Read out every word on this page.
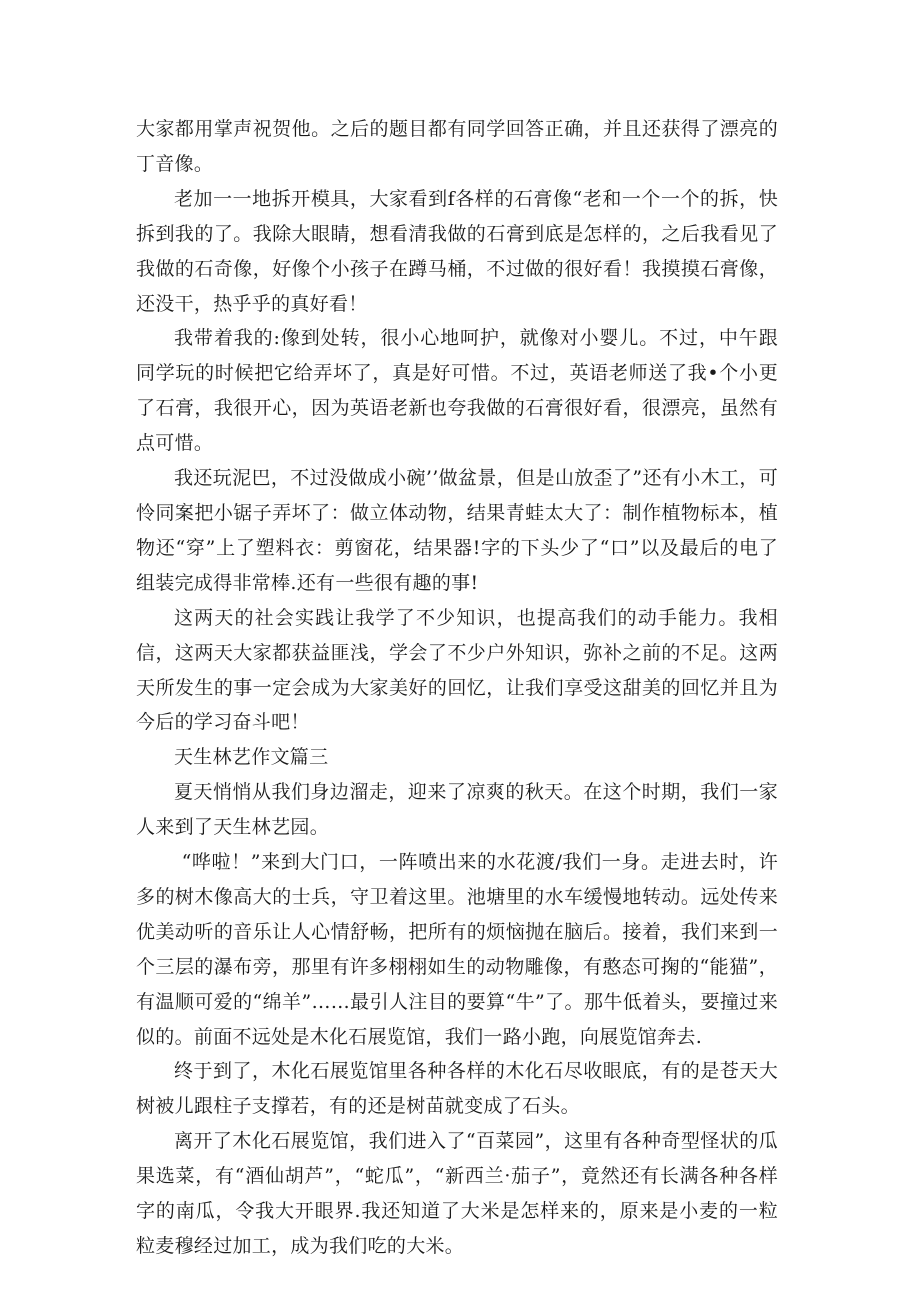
大家都用掌声祝贺他。之后的题目都有同学回答正确，并且还获得了漂亮的丁音像。

老加一一地拆开模具，大家看到f各样的石膏像“老和一个一个的拆，快拆到我的了。我除大眼睛，想看清我做的石膏到底是怎样的，之后我看见了我做的石奇像，好像个小孩子在蹲马桶，不过做的很好看！我摸摸石膏像，还没干，热乎乎的真好看！

我带着我的:像到处转，很小心地呵护，就像对小婴儿。不过，中午跟同学玩的时候把它给弄坏了，真是好可惜。不过，英语老师送了我•个小更了石膏，我很开心，因为英语老新也夸我做的石膏很好看，很漂亮，虽然有点可惜。

我还玩泥巴，不过没做成小碗’’做盆景，但是山放歪了”还有小木工，可怜同案把小锯子弄坏了：做立体动物，结果青蛙太大了：制作植物标本，植物还“穿”上了塑料衣：剪窗花，结果器!字的下头少了“口”以及最后的电了组装完成得非常棒.还有一些很有趣的事!

这两天的社会实践让我学了不少知识，也提高我们的动手能力。我相信，这两天大家都获益匪浅，学会了不少户外知识，弥补之前的不足。这两天所发生的事一定会成为大家美好的回忆，让我们享受这甜美的回忆并且为今后的学习奋斗吧！

天生林艺作文篇三

夏天悄悄从我们身边溜走，迎来了凉爽的秋天。在这个时期，我们一家人来到了天生林艺园。

“哗啦！”来到大门口，一阵喷出来的水花渡/我们一身。走进去时，许多的树木像高大的士兵，守卫着这里。池塘里的水车缓慢地转动。远处传来优美动听的音乐让人心情舒畅，把所有的烦恼抛在脑后。接着，我们来到一个三层的瀑布旁，那里有许多栩栩如生的动物雕像，有憨态可掬的“能猫”，有温顺可爱的“绵羊”……最引人注目的要算“牛”了。那牛低着头，要撞过来似的。前面不远处是木化石展览馆，我们一路小跑，向展览馆奔去.

终于到了，木化石展览馆里各种各样的木化石尽收眼底，有的是苍天大树被儿跟柱子支撑若，有的还是树苗就变成了石头。

离开了木化石展览馆，我们进入了“百菜园”，这里有各种奇型怪状的瓜果选菜，有“酒仙胡芦”，“蛇瓜”，“新西兰·茄子”，竟然还有长满各种各样字的南瓜，令我大开眼界.我还知道了大米是怎样来的，原来是小麦的一粒粒麦穆经过加工，成为我们吃的大米。
